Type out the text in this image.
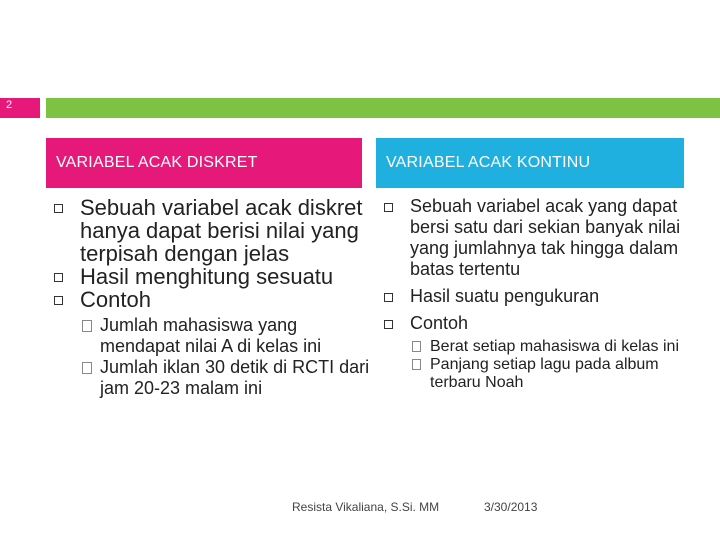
2
VARIABEL ACAK DISKRET	VARIABEL ACAK KONTINU
Sebuah variabel acak diskret hanya dapat berisi nilai yang terpisah dengan jelas
Hasil menghitung sesuatu
Contoh
Jumlah mahasiswa yang mendapat nilai A di kelas ini
Jumlah iklan 30 detik di RCTI dari jam 20-23 malam ini
Sebuah variabel acak yang dapat bersi satu dari sekian banyak nilai yang jumlahnya tak hingga dalam batas tertentu
Hasil suatu pengukuran
Contoh
Berat setiap mahasiswa di kelas ini
Panjang setiap lagu pada album terbaru Noah
Resista Vikaliana, S.Si. MM	3/30/2013
